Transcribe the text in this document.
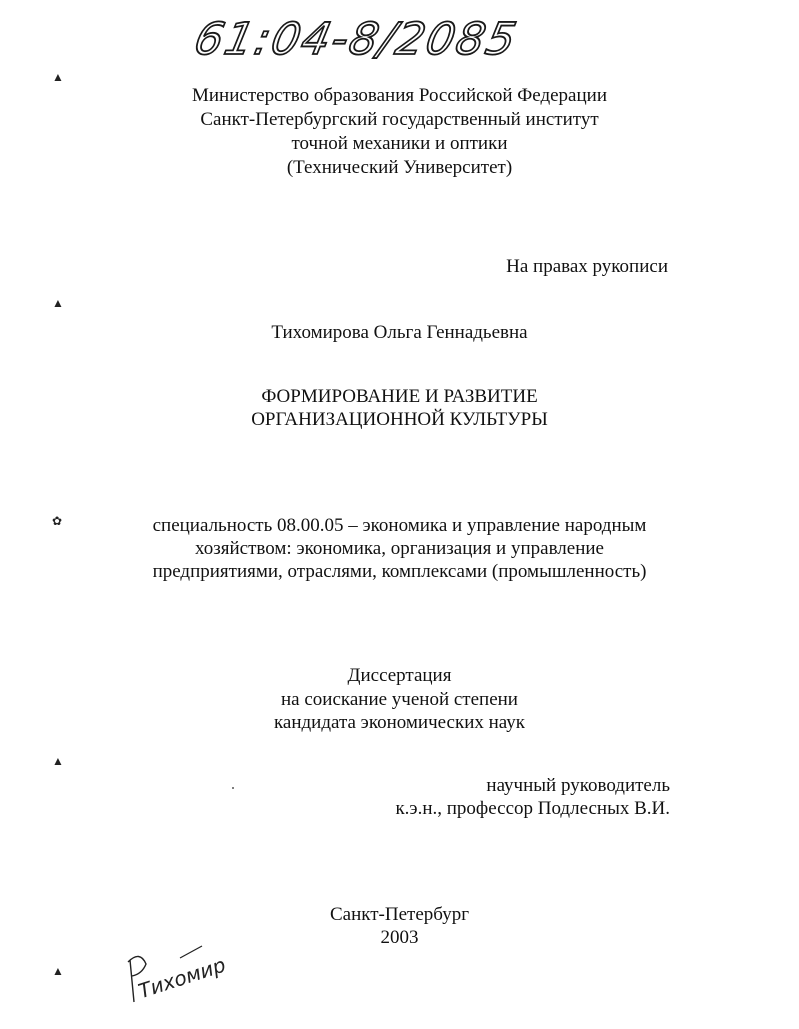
61:04-8/2085
▲
▲
✿
▲
▲
Министерство образования Российской Федерации
Санкт-Петербургский государственный институт
точной механики и оптики
(Технический Университет)
На правах рукописи
Тихомирова Ольга Геннадьевна
ФОРМИРОВАНИЕ И РАЗВИТИЕ
ОРГАНИЗАЦИОННОЙ КУЛЬТУРЫ
специальность 08.00.05 – экономика и управление народным
хозяйством: экономика, организация и управление
предприятиями, отраслями, комплексами (промышленность)
Диссертация
на соискание ученой степени
кандидата экономических наук
научный руководитель
к.э.н., профессор Подлесных В.И.
Санкт-Петербург
2003
Тихомир
